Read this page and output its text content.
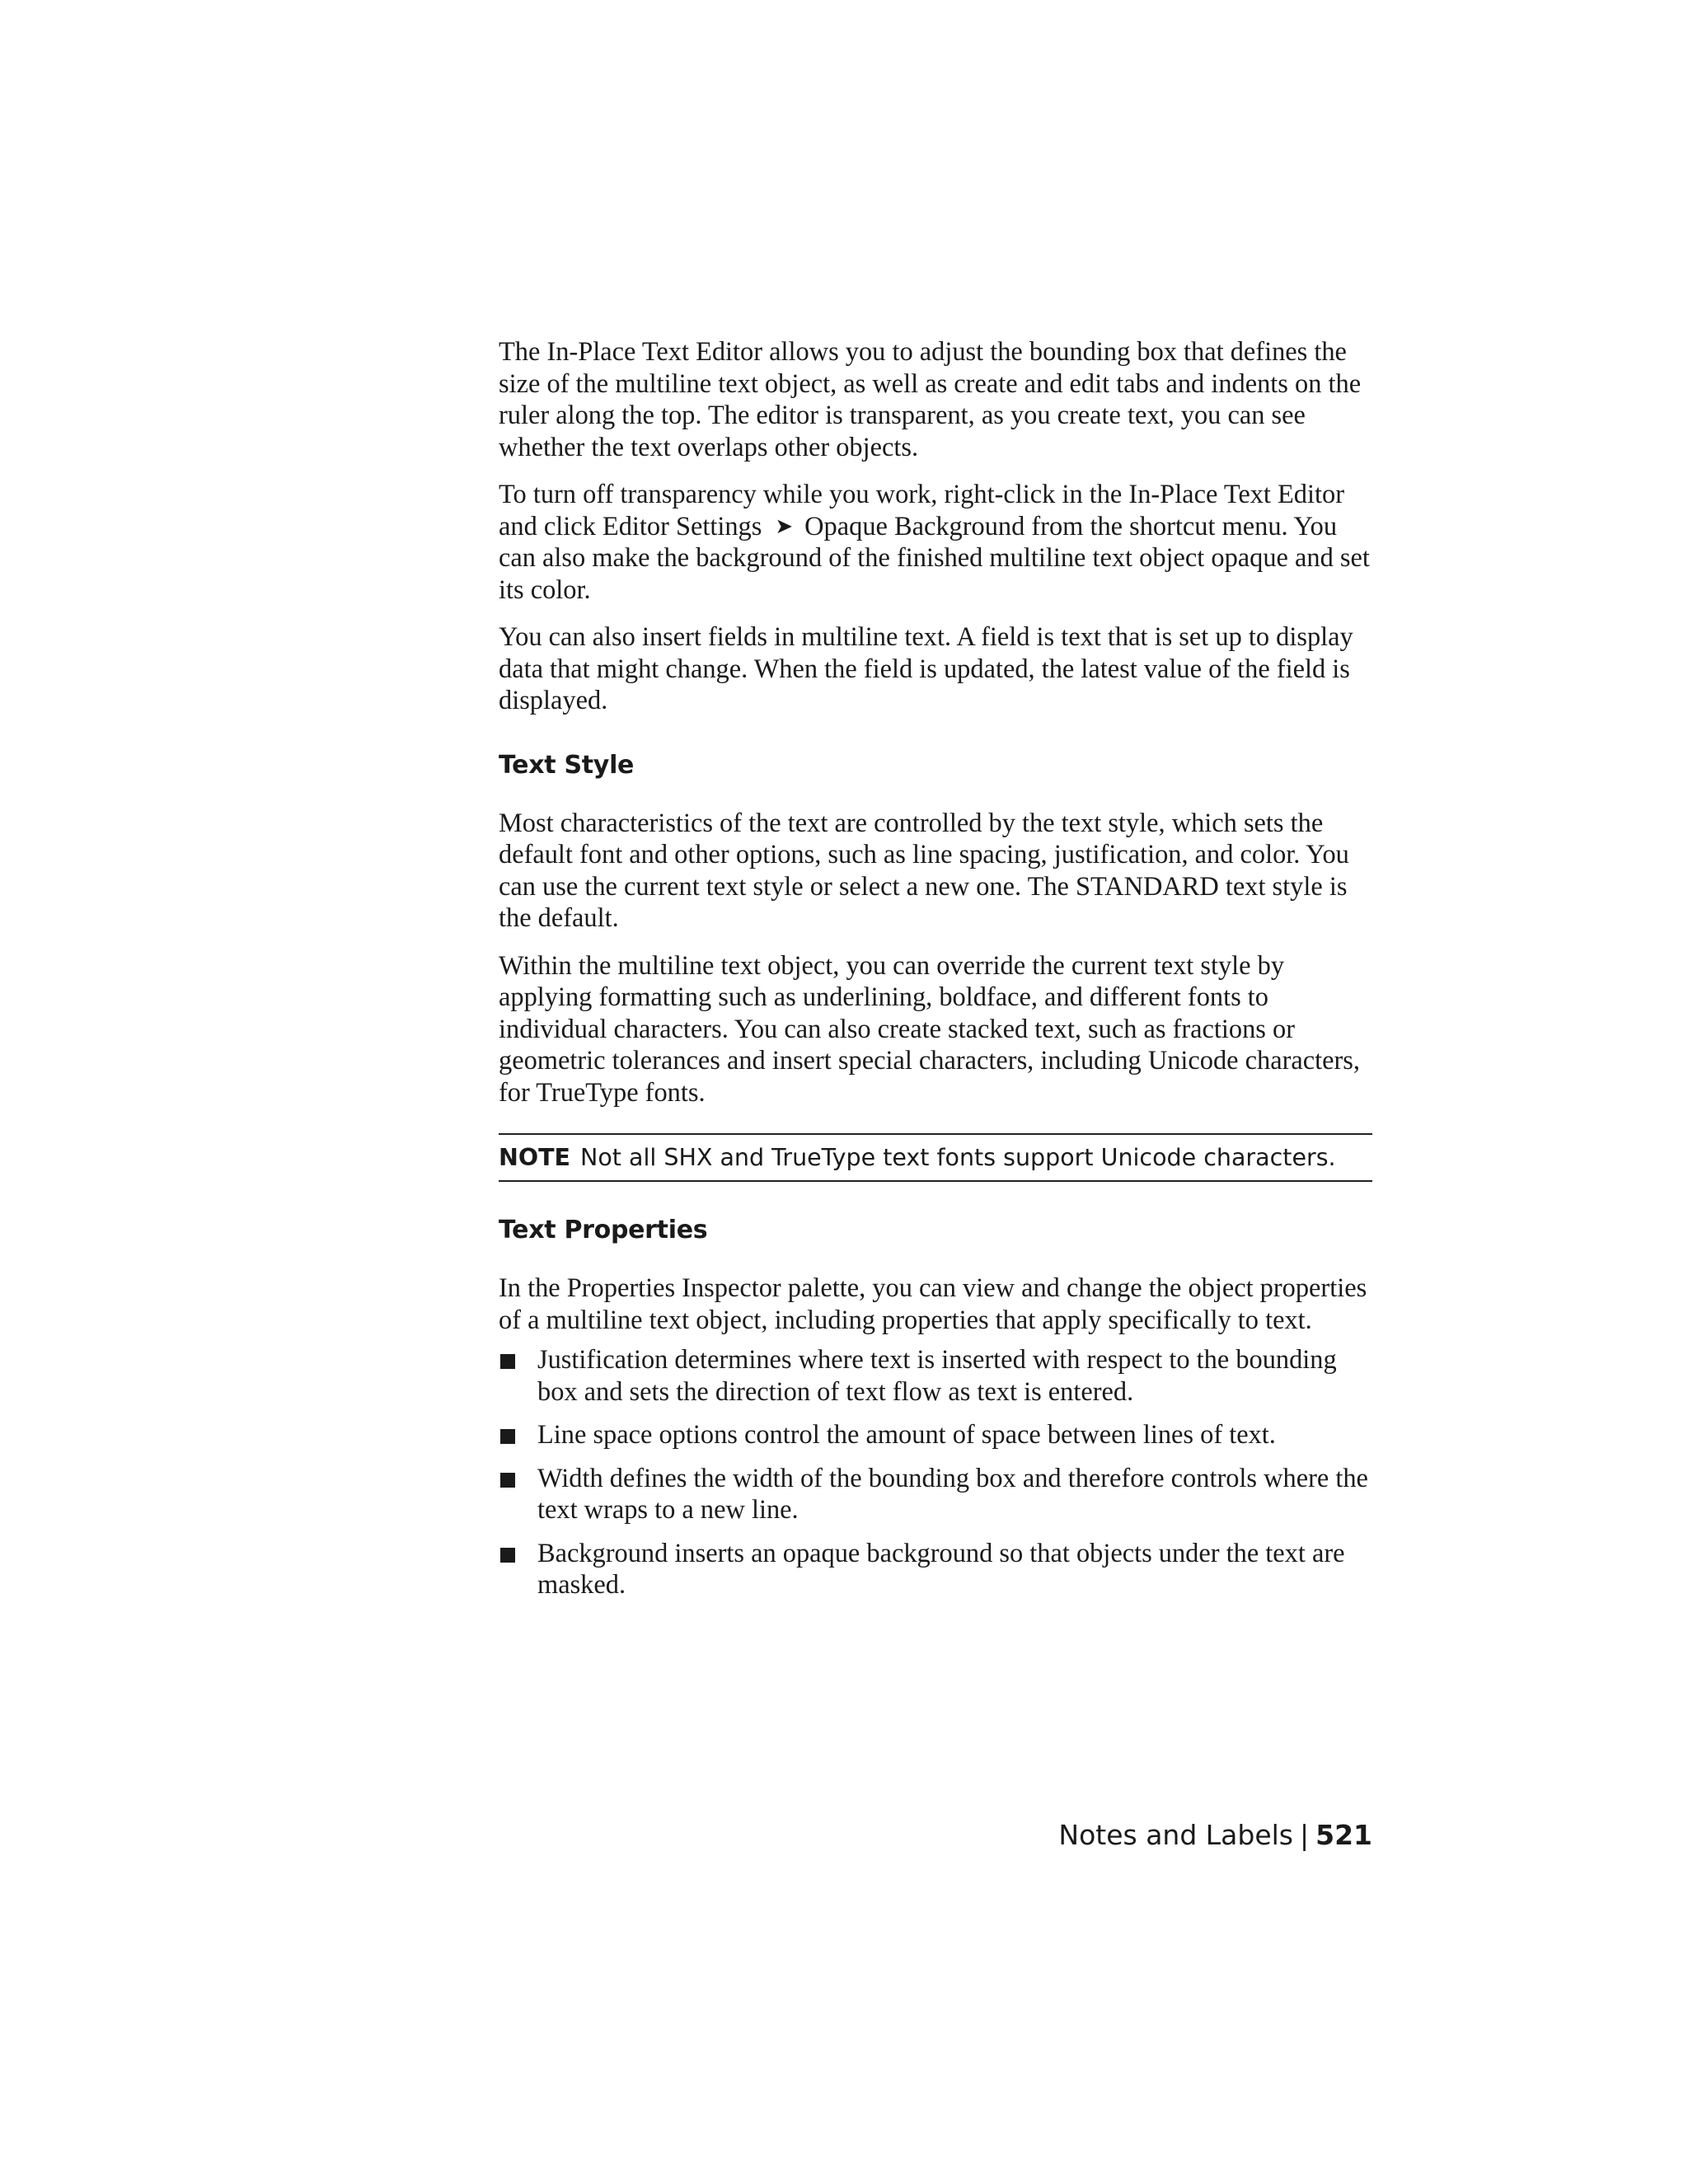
The In-Place Text Editor allows you to adjust the bounding box that defines the size of the multiline text object, as well as create and edit tabs and indents on the ruler along the top. The editor is transparent, as you create text, you can see whether the text overlaps other objects.

To turn off transparency while you work, right-click in the In-Place Text Editor and click Editor Settings ➤ Opaque Background from the shortcut menu. You can also make the background of the finished multiline text object opaque and set its color.

You can also insert fields in multiline text. A field is text that is set up to display data that might change. When the field is updated, the latest value of the field is displayed.

Text Style

Most characteristics of the text are controlled by the text style, which sets the default font and other options, such as line spacing, justification, and color. You can use the current text style or select a new one. The STANDARD text style is the default.

Within the multiline text object, you can override the current text style by applying formatting such as underlining, boldface, and different fonts to individual characters. You can also create stacked text, such as fractions or geometric tolerances and insert special characters, including Unicode characters, for TrueType fonts.

NOTE Not all SHX and TrueType text fonts support Unicode characters.
Text Properties

In the Properties Inspector palette, you can view and change the object properties of a multiline text object, including properties that apply specifically to text.

Justification determines where text is inserted with respect to the bounding box and sets the direction of text flow as text is entered.
Line space options control the amount of space between lines of text.
Width defines the width of the bounding box and therefore controls where the text wraps to a new line.
Background inserts an opaque background so that objects under the text are masked.
Notes and Labels | 521
